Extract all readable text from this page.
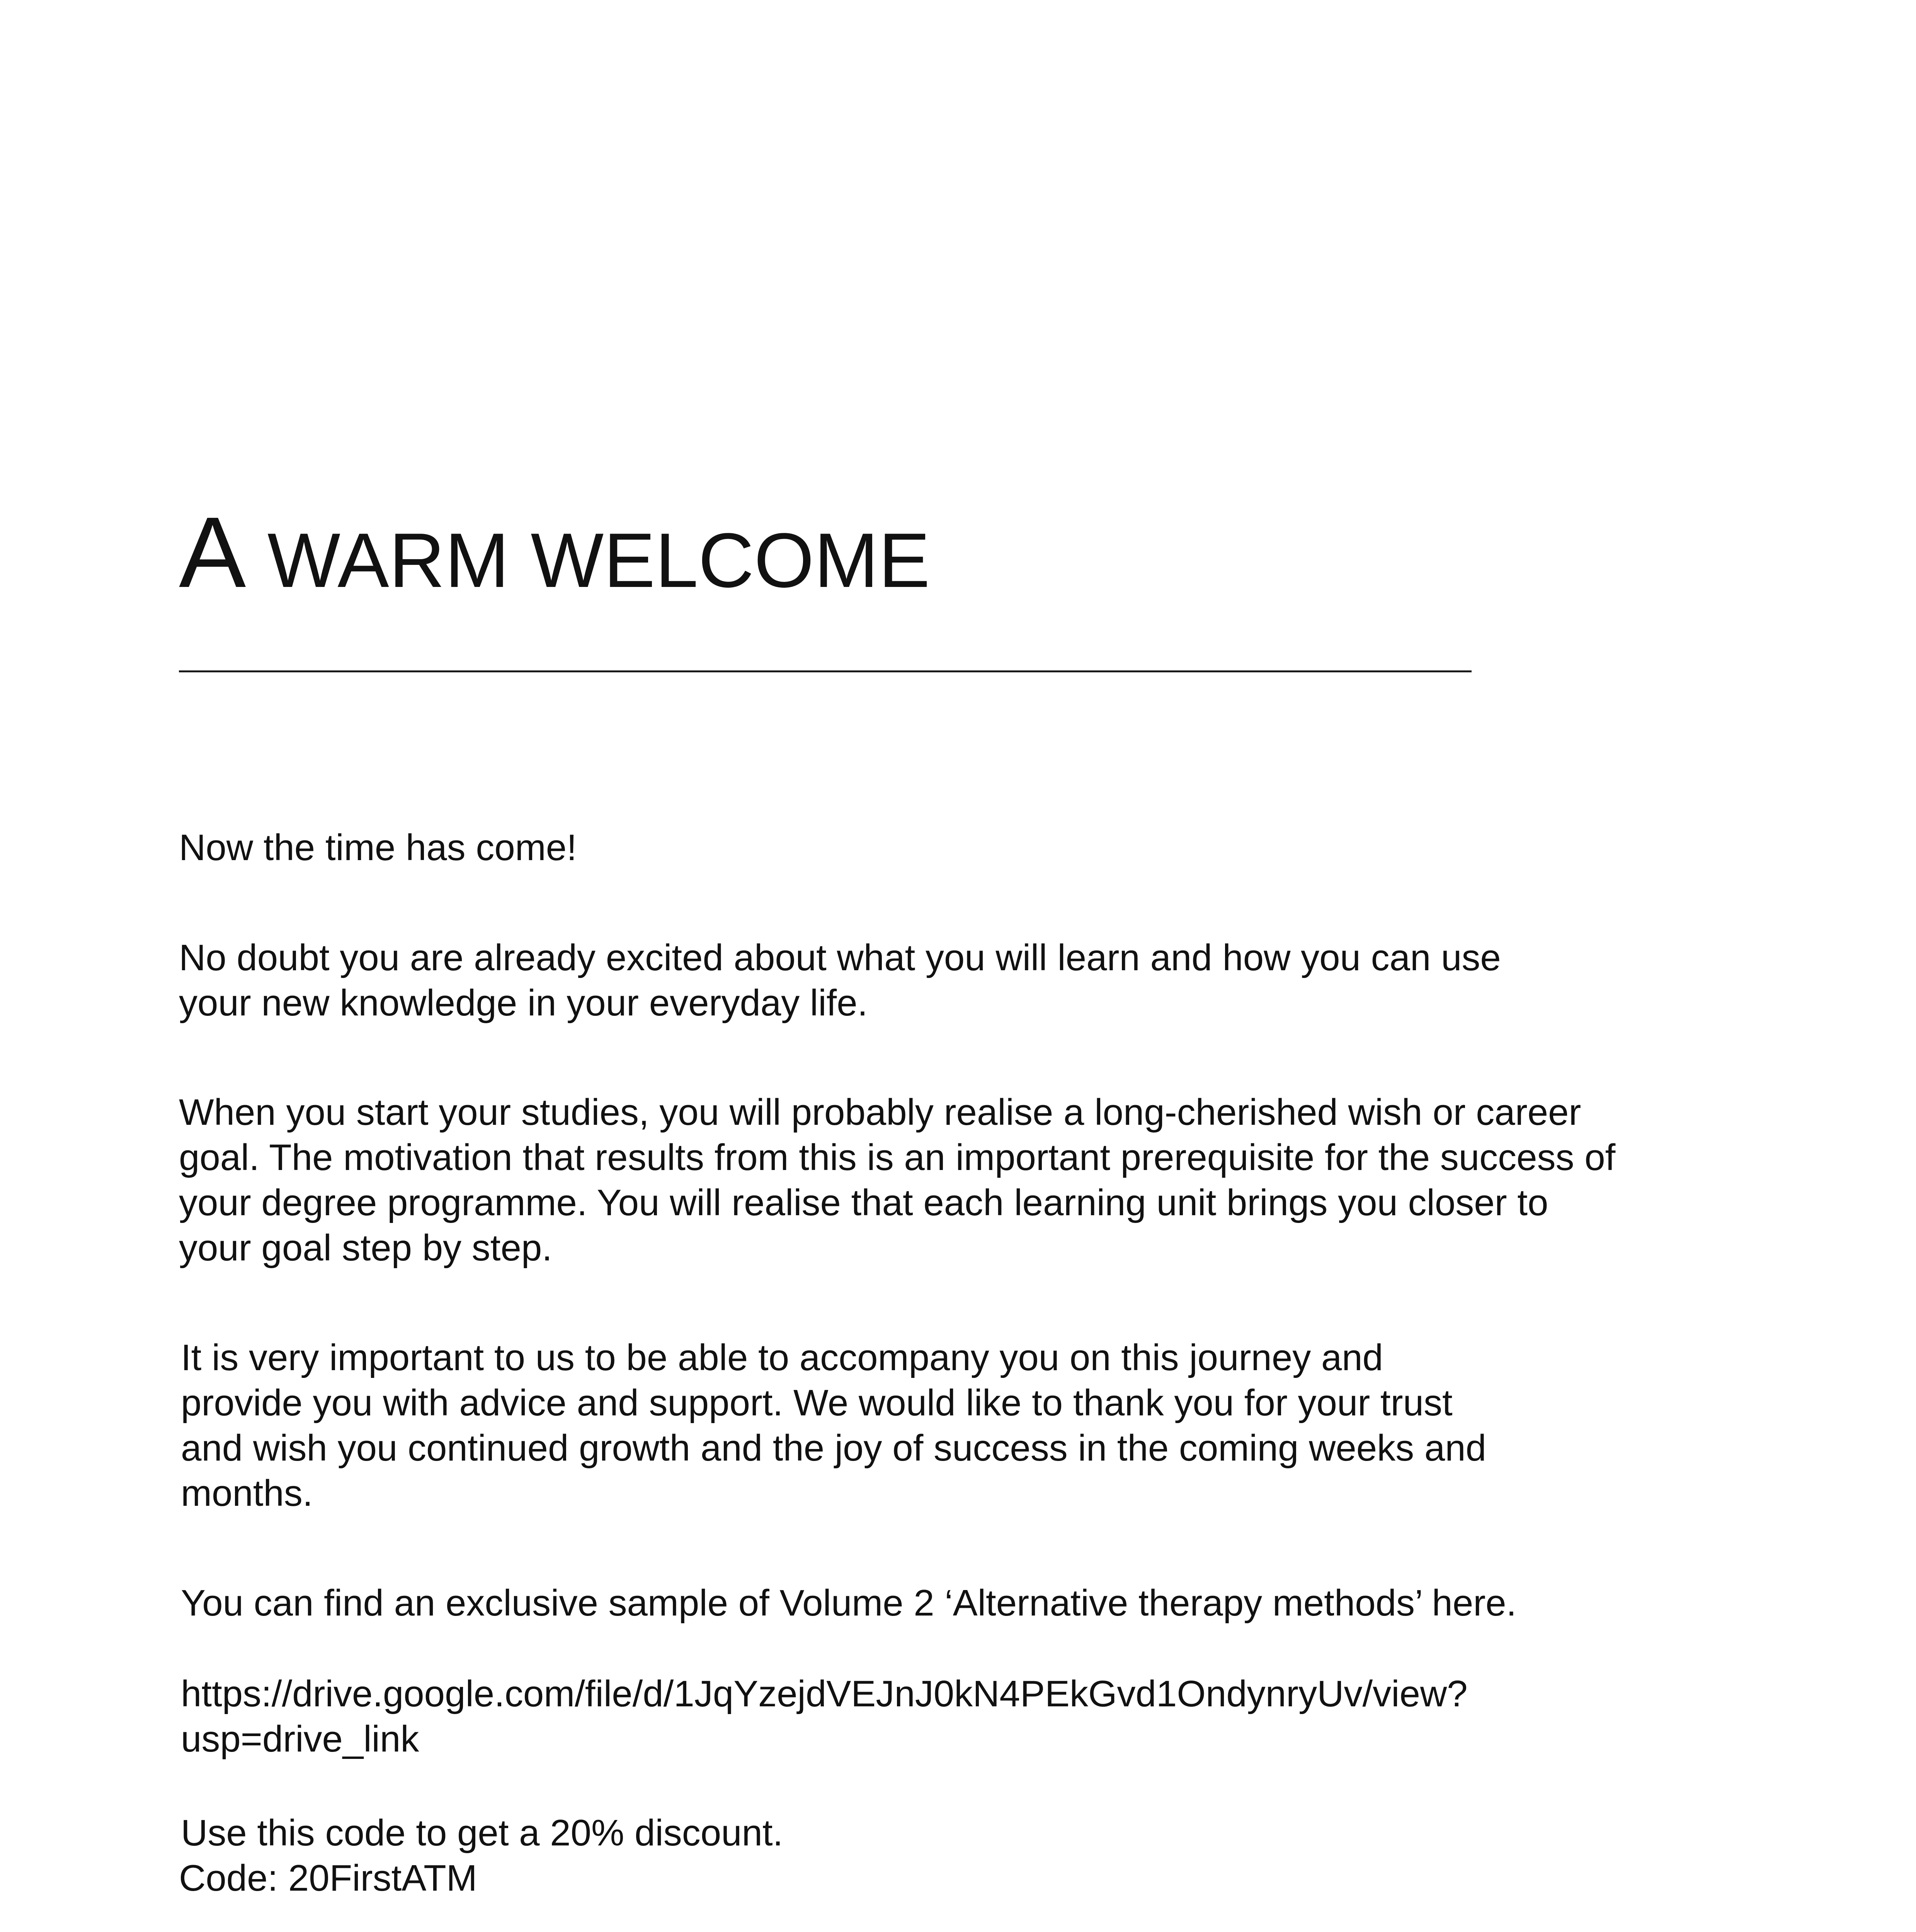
A WARM WELCOME

Now the time has come!

No doubt you are already excited about what you will learn and how you can use
your new knowledge in your everyday life.

When you start your studies, you will probably realise a long-cherished wish or career
goal. The motivation that results from this is an important prerequisite for the success of
your degree programme. You will realise that each learning unit brings you closer to
your goal step by step.

It is very important to us to be able to accompany you on this journey and
provide you with advice and support. We would like to thank you for your trust
and wish you continued growth and the joy of success in the coming weeks and
months.

You can find an exclusive sample of Volume 2 ‘Alternative therapy methods’ here.

https://drive.google.com/file/d/1JqYzejdVEJnJ0kN4PEkGvd1OndynryUv/view?
usp=drive_link

Use this code to get a 20% discount.

Code: 20FirstATM
